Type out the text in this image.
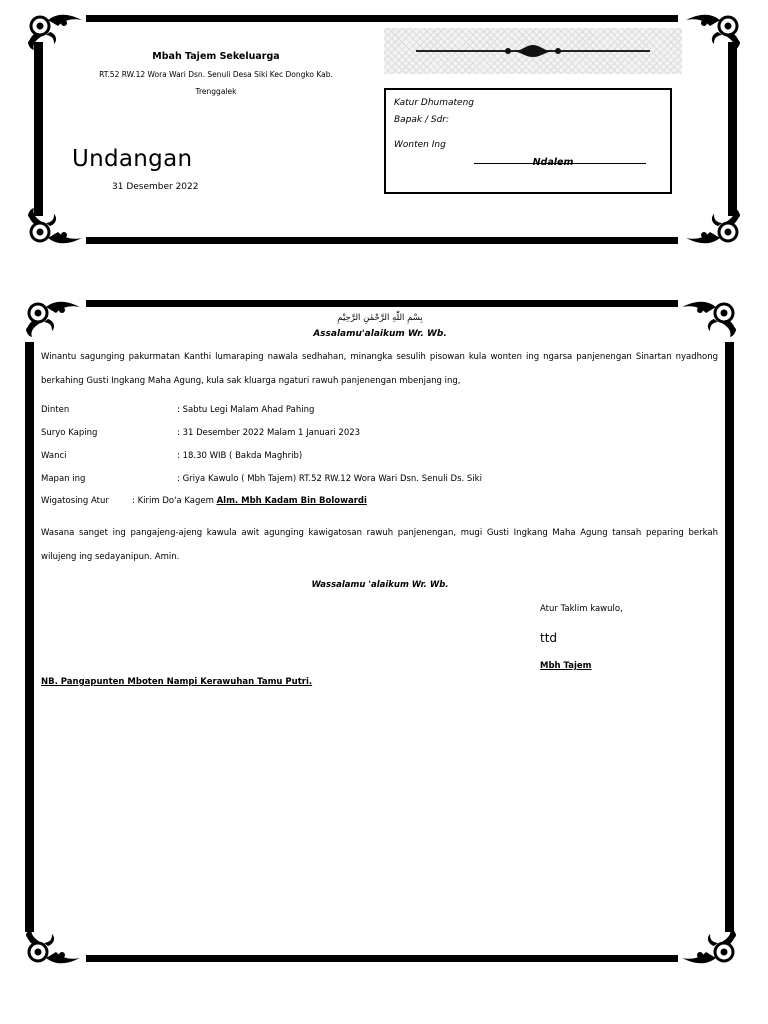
Mbah Tajem Sekeluarga
RT.52 RW.12 Wora Wari Dsn. Senuli Desa Siki Kec Dongko Kab. Trenggalek
Undangan
31 Desember 2022
Katur Dhumateng
Bapak / Sdr:
Wonten Ing
Ndalem
بِسْمِ اللّٰهِ الرَّحْمٰنِ الرَّحِيْمِ
Assalamu'alaikum Wr. Wb.
Winantu sagunging pakurmatan Kanthi lumaraping nawala sedhahan, minangka sesulih pisowan kula wonten ing ngarsa panjenengan Sinartan nyadhong berkahing Gusti Ingkang Maha Agung, kula sak kluarga ngaturi rawuh panjenengan mbenjang ing,
Dinten	: Sabtu Legi Malam Ahad Pahing
Suryo Kaping	: 31 Desember 2022 Malam 1 Januari 2023
Wanci	: 18.30 WIB ( Bakda Maghrib)
Mapan ing	: Griya Kawulo ( Mbh Tajem) RT.52 RW.12 Wora Wari Dsn. Senuli Ds. Siki
Wigatosing Atur	: Kirim Do'a Kagem Alm. Mbh Kadam Bin Bolowardi
Wasana sanget ing pangajeng-ajeng kawula awit agunging kawigatosan rawuh panjenengan, mugi Gusti Ingkang Maha Agung tansah peparing berkah wilujeng ing sedayanipun. Amin.
Wassalamu 'alaikum Wr. Wb.
Atur Taklim kawulo,
ttd
Mbh Tajem
NB. Pangapunten Mboten Nampi Kerawuhan Tamu Putri.
